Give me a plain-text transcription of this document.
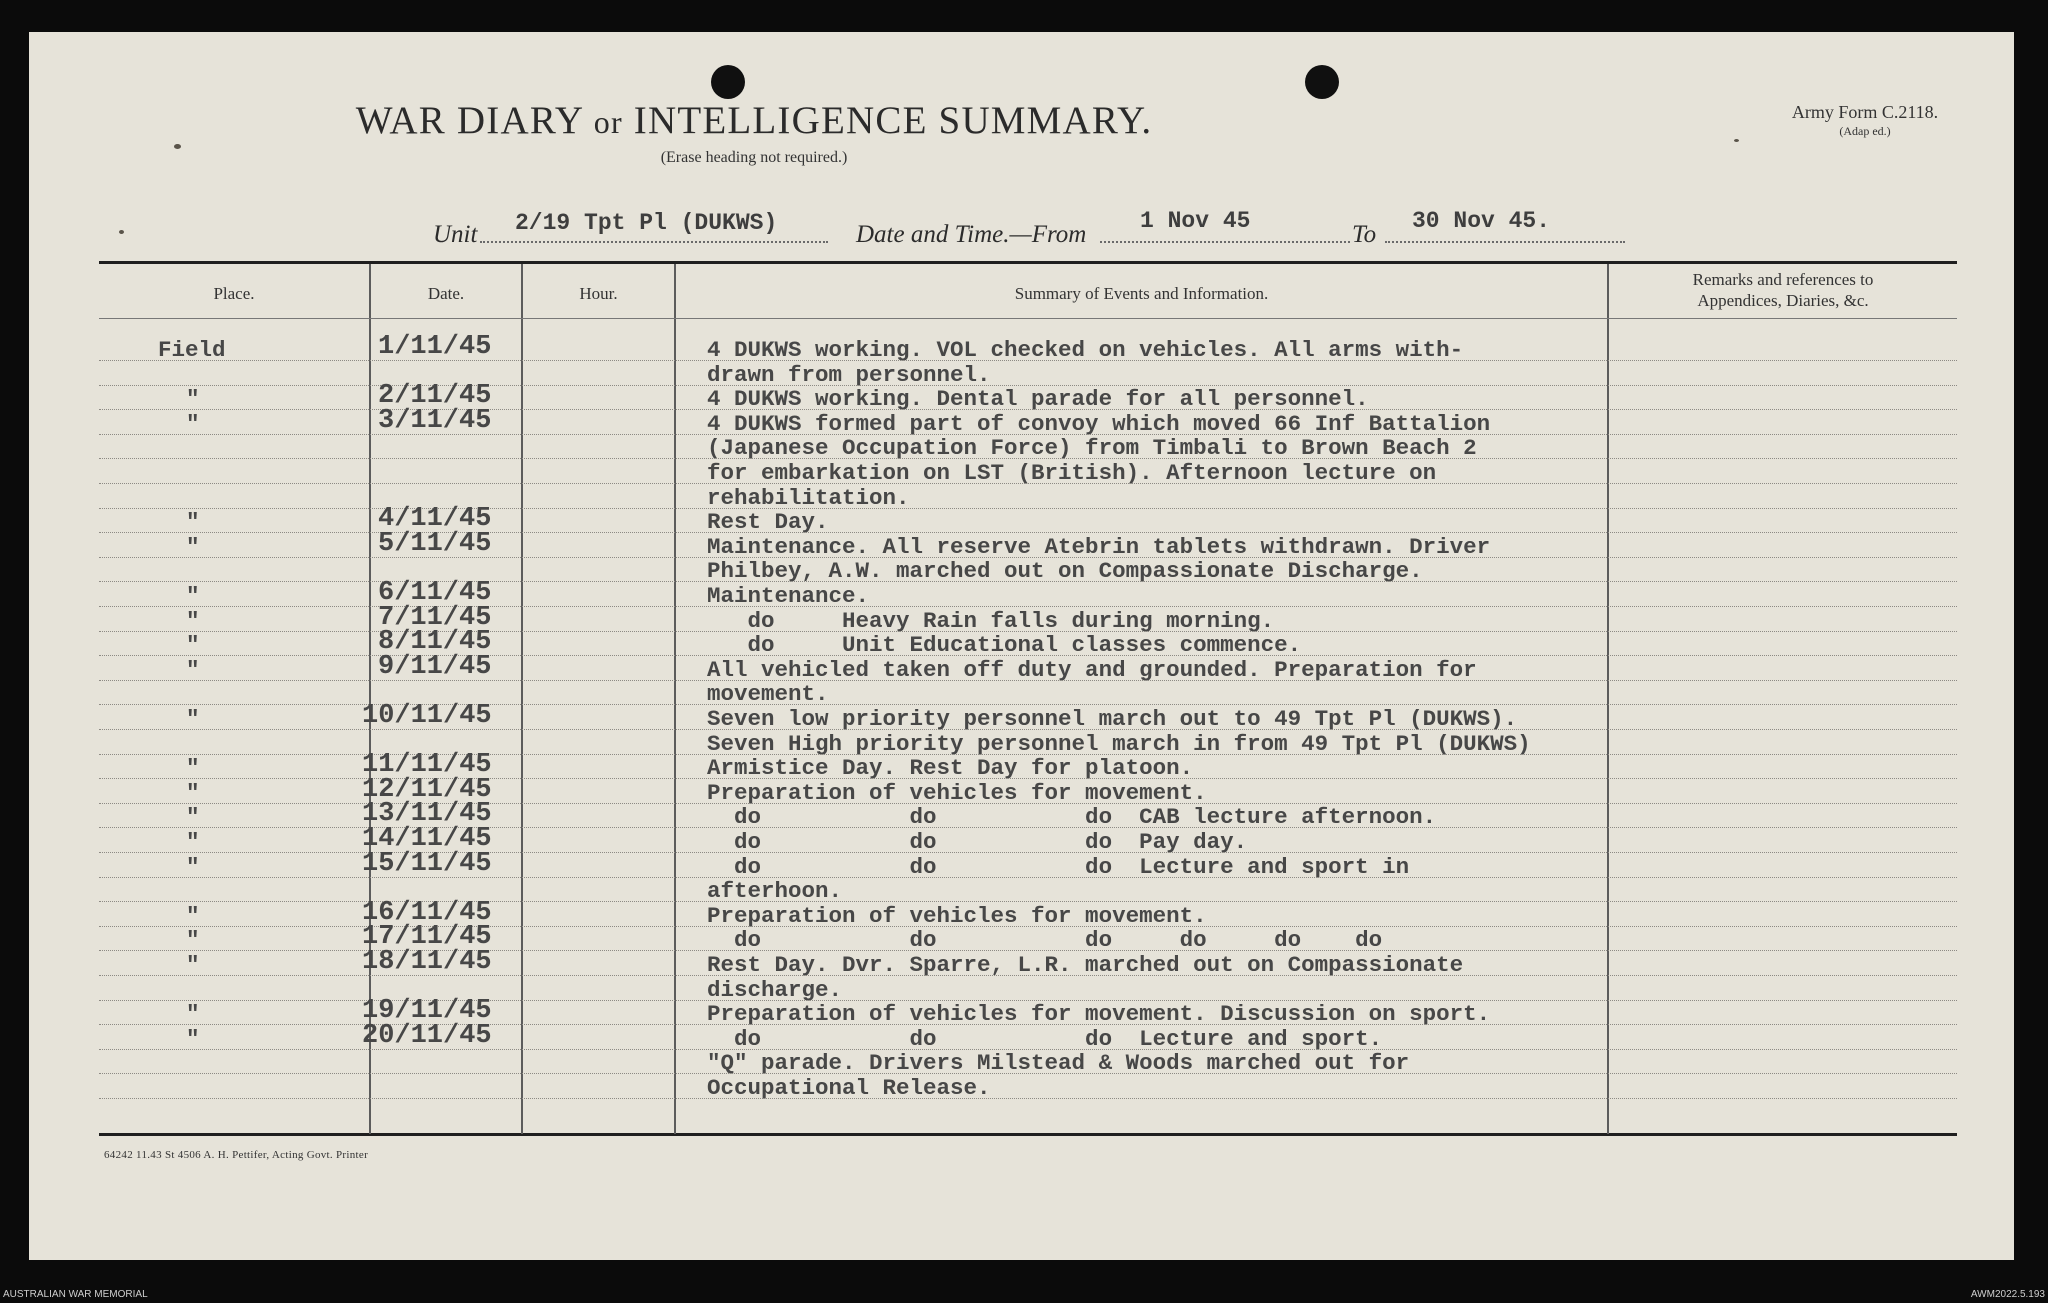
WAR DIARY or INTELLIGENCE SUMMARY.
(Erase heading not required.)
Army Form C.2118.
(Adap ed.)
Unit 2/19 Tpt Pl (DUKWS)	Date and Time.—From 1 Nov 45	To 30 Nov 45.
Place.	Date.	Hour.	Summary of Events and Information.
Remarks and references to
Appendices, Diaries, &c.
Field	1/11/45	4 DUKWS working. VOL checked on vehicles. All arms with-
drawn from personnel.
"	2/11/45	4 DUKWS working. Dental parade for all personnel.
"	3/11/45	4 DUKWS formed part of convoy which moved 66 Inf Battalion
(Japanese Occupation Force) from Timbali to Brown Beach 2
for embarkation on LST (British). Afternoon lecture on
rehabilitation.
"	4/11/45	Rest Day.
"	5/11/45	Maintenance. All reserve Atebrin tablets withdrawn. Driver
Philbey, A.W. marched out on Compassionate Discharge.
"	6/11/45	Maintenance.
"	7/11/45	do     Heavy Rain falls during morning.
"	8/11/45	do     Unit Educational classes commence.
"	9/11/45	All vehicled taken off duty and grounded. Preparation for
movement.
"	10/11/45	Seven low priority personnel march out to 49 Tpt Pl (DUKWS).
Seven High priority personnel march in from 49 Tpt Pl (DUKWS)
"	11/11/45	Armistice Day. Rest Day for platoon.
"	12/11/45	Preparation of vehicles for movement.
"	13/11/45	do           do           do  CAB lecture afternoon.
"	14/11/45	do           do           do  Pay day.
"	15/11/45	do           do           do  Lecture and sport in
afterhoon.
"	16/11/45	Preparation of vehicles for movement.
"	17/11/45	do           do           do     do     do    do
"	18/11/45	Rest Day. Dvr. Sparre, L.R. marched out on Compassionate
discharge.
"	19/11/45	Preparation of vehicles for movement. Discussion on sport.
"	20/11/45	do           do           do  Lecture and sport.
"Q" parade. Drivers Milstead & Woods marched out for
Occupational Release.
64242 11.43 St 4506 A. H. Pettifer, Acting Govt. Printer
AUSTRALIAN WAR MEMORIAL	AWM2022.5.193
